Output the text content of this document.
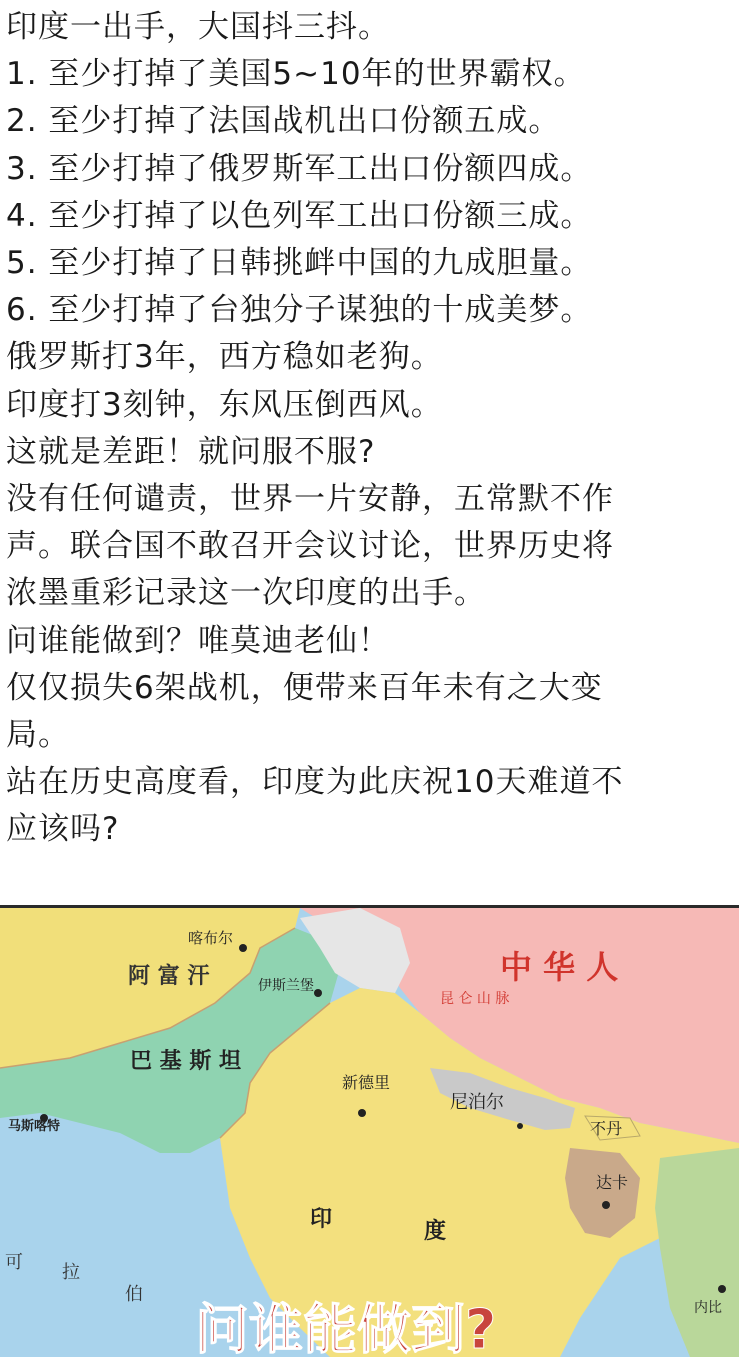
印度一出手，大国抖三抖。
1. 至少打掉了美国5~10年的世界霸权。
2. 至少打掉了法国战机出口份额五成。
3. 至少打掉了俄罗斯军工出口份额四成。
4. 至少打掉了以色列军工出口份额三成。
5. 至少打掉了日韩挑衅中国的九成胆量。
6. 至少打掉了台独分子谋独的十成美梦。
俄罗斯打3年，西方稳如老狗。
印度打3刻钟，东风压倒西风。
这就是差距！就问服不服?
没有任何谴责，世界一片安静，五常默不作
声。联合国不敢召开会议讨论，世界历史将
浓墨重彩记录这一次印度的出手。
问谁能做到？唯莫迪老仙！
仅仅损失6架战机，便带来百年未有之大变
局。
站在历史高度看，印度为此庆祝10天难道不
应该吗?
喀布尔
阿 富 汗	伊斯兰堡
巴 基 斯 坦
新德里
尼泊尔
不丹
达卡
印	度
中 华 人
昆 仑 山 脉
马斯喀特
可 拉
伯
内比
问谁能做到?
